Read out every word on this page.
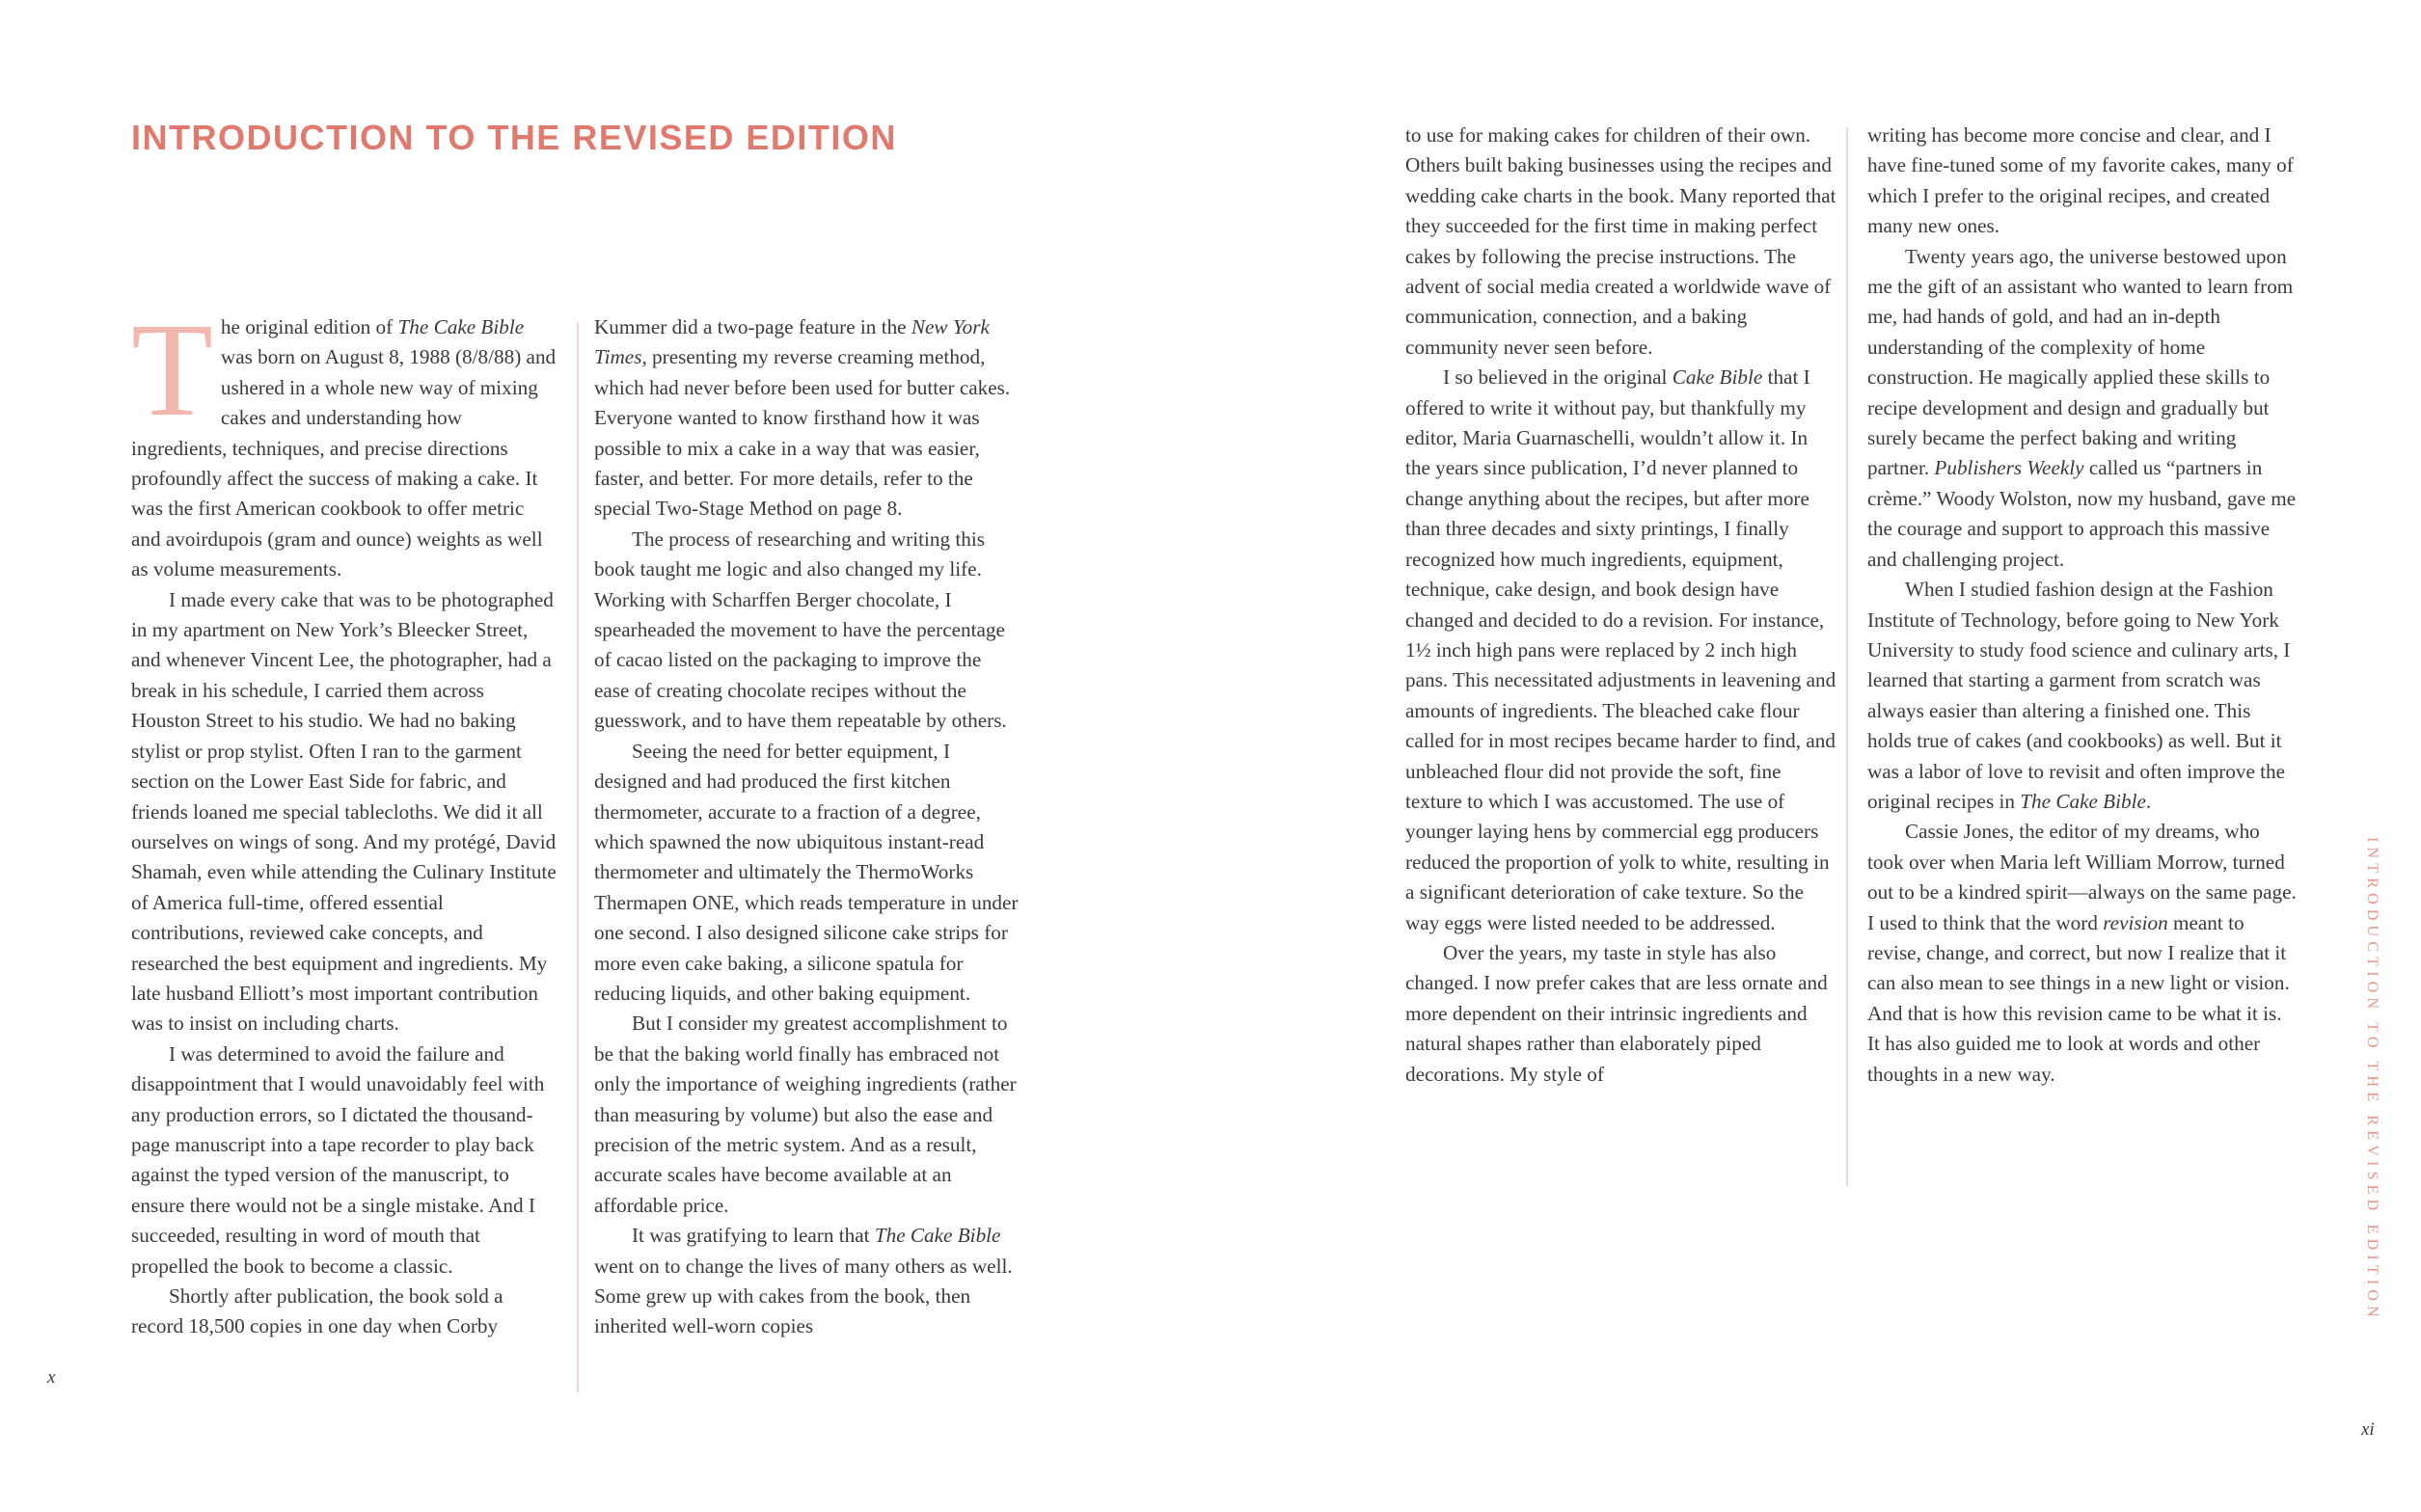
INTRODUCTION TO THE REVISED EDITION
T he original edition of The Cake Bible was born on August 8, 1988 (8/8/88) and ushered in a whole new way of mixing cakes and understanding how ingredients, techniques, and precise directions profoundly affect the success of making a cake. It was the first American cookbook to offer metric and avoirdupois (gram and ounce) weights as well as volume measurements.

I made every cake that was to be photographed in my apartment on New York’s Bleecker Street, and whenever Vincent Lee, the photographer, had a break in his schedule, I carried them across Houston Street to his studio. We had no baking stylist or prop stylist. Often I ran to the garment section on the Lower East Side for fabric, and friends loaned me special tablecloths. We did it all ourselves on wings of song. And my protégé, David Shamah, even while attending the Culinary Institute of America full-time, offered essential contributions, reviewed cake concepts, and researched the best equipment and ingredients. My late husband Elliott’s most important contribution was to insist on including charts.

I was determined to avoid the failure and disappointment that I would unavoidably feel with any production errors, so I dictated the thousand-page manuscript into a tape recorder to play back against the typed version of the manuscript, to ensure there would not be a single mistake. And I succeeded, resulting in word of mouth that propelled the book to become a classic.

Shortly after publication, the book sold a record 18,500 copies in one day when Corby

Kummer did a two-page feature in the New York Times, presenting my reverse creaming method, which had never before been used for butter cakes. Everyone wanted to know firsthand how it was possible to mix a cake in a way that was easier, faster, and better. For more details, refer to the special Two-Stage Method on page 8.

The process of researching and writing this book taught me logic and also changed my life. Working with Scharffen Berger chocolate, I spearheaded the movement to have the percentage of cacao listed on the packaging to improve the ease of creating chocolate recipes without the guesswork, and to have them repeatable by others.

Seeing the need for better equipment, I designed and had produced the first kitchen thermometer, accurate to a fraction of a degree, which spawned the now ubiquitous instant-read thermometer and ultimately the ThermoWorks Thermapen ONE, which reads temperature in under one second. I also designed silicone cake strips for more even cake baking, a silicone spatula for reducing liquids, and other baking equipment.

But I consider my greatest accomplishment to be that the baking world finally has embraced not only the importance of weighing ingredients (rather than measuring by volume) but also the ease and precision of the metric system. And as a result, accurate scales have become available at an affordable price.

It was gratifying to learn that The Cake Bible went on to change the lives of many others as well. Some grew up with cakes from the book, then inherited well-worn copies

x

to use for making cakes for children of their own. Others built baking businesses using the recipes and wedding cake charts in the book. Many reported that they succeeded for the first time in making perfect cakes by following the precise instructions. The advent of social media created a worldwide wave of communication, connection, and a baking community never seen before.

I so believed in the original Cake Bible that I offered to write it without pay, but thankfully my editor, Maria Guarnaschelli, wouldn’t allow it. In the years since publication, I’d never planned to change anything about the recipes, but after more than three decades and sixty printings, I finally recognized how much ingredients, equipment, technique, cake design, and book design have changed and decided to do a revision. For instance, 1½ inch high pans were replaced by 2 inch high pans. This necessitated adjustments in leavening and amounts of ingredients. The bleached cake flour called for in most recipes became harder to find, and unbleached flour did not provide the soft, fine texture to which I was accustomed. The use of younger laying hens by commercial egg producers reduced the proportion of yolk to white, resulting in a significant deterioration of cake texture. So the way eggs were listed needed to be addressed.

Over the years, my taste in style has also changed. I now prefer cakes that are less ornate and more dependent on their intrinsic ingredients and natural shapes rather than elaborately piped decorations. My style of

writing has become more concise and clear, and I have fine-tuned some of my favorite cakes, many of which I prefer to the original recipes, and created many new ones.

Twenty years ago, the universe bestowed upon me the gift of an assistant who wanted to learn from me, had hands of gold, and had an in-depth understanding of the complexity of home construction. He magically applied these skills to recipe development and design and gradually but surely became the perfect baking and writing partner. Publishers Weekly called us “partners in crème.” Woody Wolston, now my husband, gave me the courage and support to approach this massive and challenging project.

When I studied fashion design at the Fashion Institute of Technology, before going to New York University to study food science and culinary arts, I learned that starting a garment from scratch was always easier than altering a finished one. This holds true of cakes (and cookbooks) as well. But it was a labor of love to revisit and often improve the original recipes in The Cake Bible.

Cassie Jones, the editor of my dreams, who took over when Maria left William Morrow, turned out to be a kindred spirit—always on the same page. I used to think that the word revision meant to revise, change, and correct, but now I realize that it can also mean to see things in a new light or vision. And that is how this revision came to be what it is. It has also guided me to look at words and other thoughts in a new way.	INTRODUCTION TO THE REVISED EDITION
xi
